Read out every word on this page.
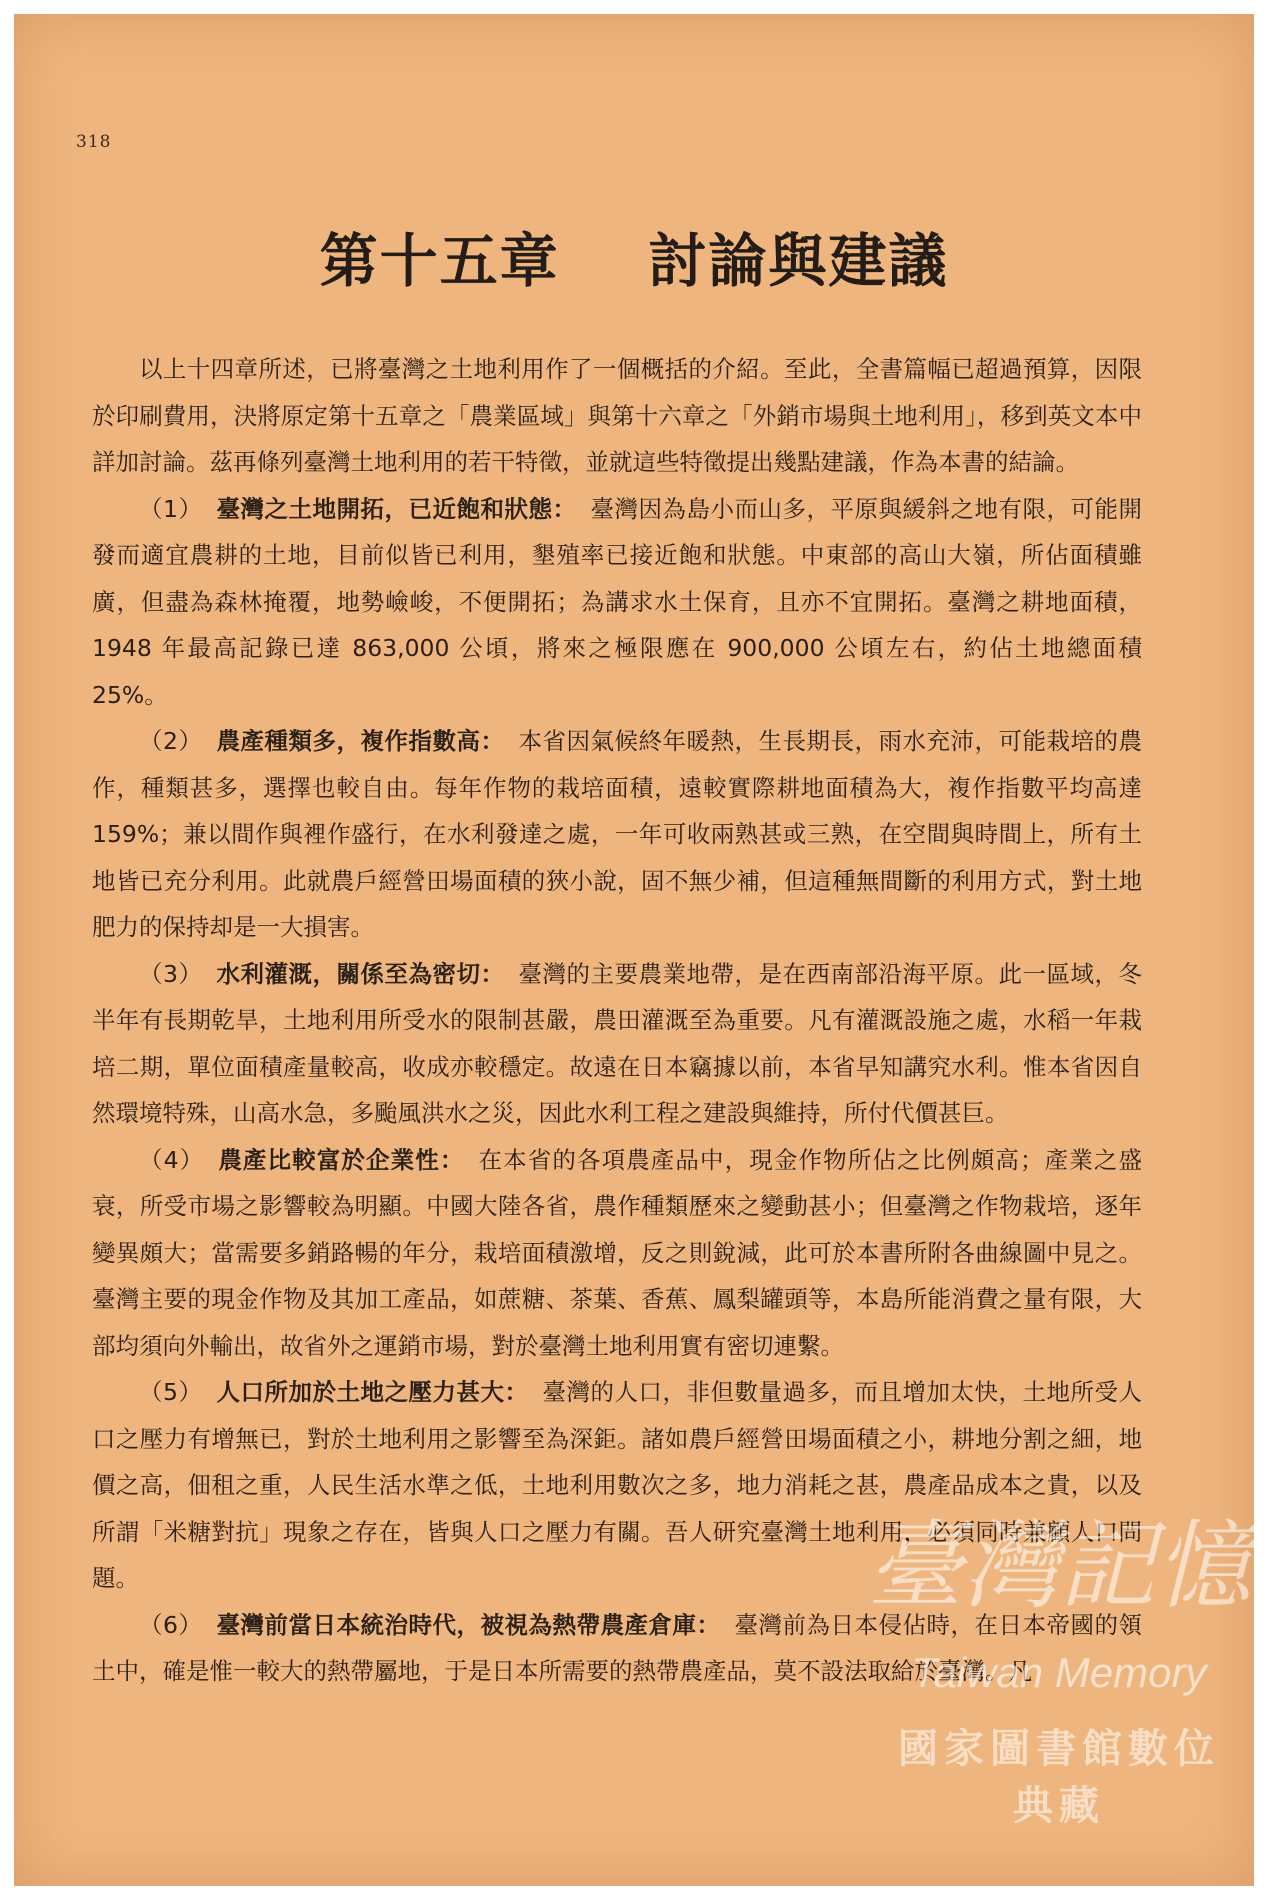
318
第十五章    討論與建議

以上十四章所述，已將臺灣之土地利用作了一個概括的介紹。至此，全書篇幅已超過預算，因限於印刷費用，決將原定第十五章之「農業區域」與第十六章之「外銷市場與土地利用」，移到英文本中詳加討論。茲再條列臺灣土地利用的若干特徵，並就這些特徵提出幾點建議，作為本書的結論。

（1） 臺灣之土地開拓，已近飽和狀態： 臺灣因為島小而山多，平原與緩斜之地有限，可能開發而適宜農耕的土地，目前似皆已利用，墾殖率已接近飽和狀態。中東部的高山大嶺，所佔面積雖廣，但盡為森林掩覆，地勢嶮峻，不便開拓；為講求水土保育，且亦不宜開拓。臺灣之耕地面積，1948 年最高記錄已達 863,000 公頃，將來之極限應在 900,000 公頃左右，約佔土地總面積 25%。

（2） 農產種類多，複作指數高： 本省因氣候終年暖熱，生長期長，雨水充沛，可能栽培的農作，種類甚多，選擇也較自由。每年作物的栽培面積，遠較實際耕地面積為大，複作指數平均高達 159%；兼以間作與裡作盛行，在水利發達之處，一年可收兩熟甚或三熟，在空間與時間上，所有土地皆已充分利用。此就農戶經營田場面積的狹小說，固不無少補，但這種無間斷的利用方式，對土地肥力的保持却是一大損害。

（3） 水利灌溉，關係至為密切： 臺灣的主要農業地帶，是在西南部沿海平原。此一區域，冬半年有長期乾旱，土地利用所受水的限制甚嚴，農田灌溉至為重要。凡有灌溉設施之處，水稻一年栽培二期，單位面積產量較高，收成亦較穩定。故遠在日本竊據以前，本省早知講究水利。惟本省因自然環境特殊，山高水急，多颱風洪水之災，因此水利工程之建設與維持，所付代價甚巨。

（4） 農產比較富於企業性： 在本省的各項農產品中，現金作物所佔之比例頗高；產業之盛衰，所受市場之影響較為明顯。中國大陸各省，農作種類歷來之變動甚小；但臺灣之作物栽培，逐年變異頗大；當需要多銷路暢的年分，栽培面積激增，反之則銳減，此可於本書所附各曲線圖中見之。臺灣主要的現金作物及其加工產品，如蔗糖、茶葉、香蕉、鳳梨罐頭等，本島所能消費之量有限，大部均須向外輸出，故省外之運銷市場，對於臺灣土地利用實有密切連繫。

（5） 人口所加於土地之壓力甚大： 臺灣的人口，非但數量過多，而且增加太快，土地所受人口之壓力有增無已，對於土地利用之影響至為深鉅。諸如農戶經營田場面積之小，耕地分割之細，地價之高，佃租之重，人民生活水準之低，土地利用數次之多，地力消耗之甚，農產品成本之貴，以及所謂「米糖對抗」現象之存在，皆與人口之壓力有關。吾人研究臺灣土地利用，必須同時兼顧人口問題。

（6） 臺灣前當日本統治時代，被視為熱帶農產倉庫： 臺灣前為日本侵佔時，在日本帝國的領土中，確是惟一較大的熱帶屬地，于是日本所需要的熱帶農產品，莫不設法取給於臺灣。凡

臺灣記憶
Taiwan Memory
國家圖書館數位典藏
